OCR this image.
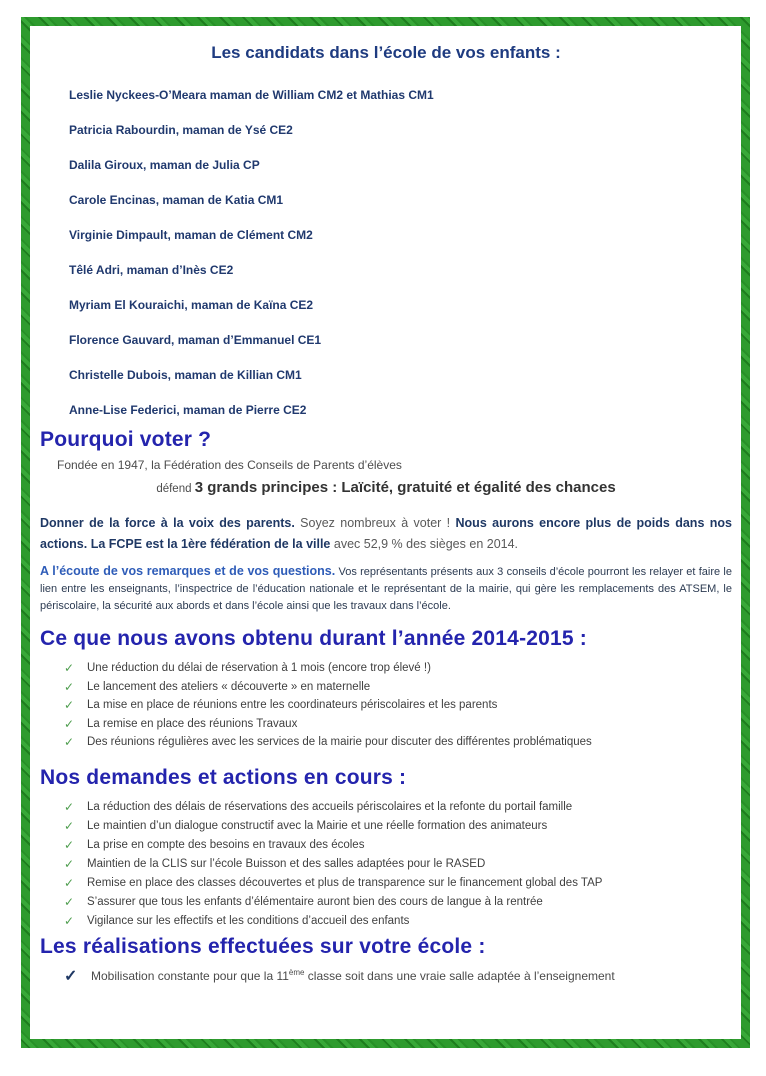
Les candidats dans l’école de vos enfants :
Leslie Nyckees-O’Meara maman de William CM2 et Mathias CM1
Patricia Rabourdin, maman de Ysé CE2
Dalila Giroux, maman de Julia CP
Carole Encinas, maman de Katia CM1
Virginie Dimpault, maman de Clément CM2
Têlé Adri, maman d’Inès CE2
Myriam El Kouraichi, maman de Kaïna CE2
Florence Gauvard, maman d’Emmanuel CE1
Christelle Dubois, maman de Killian CM1
Anne-Lise Federici, maman de Pierre CE2
Pourquoi voter ?
Fondée en 1947, la Fédération des Conseils de Parents d’élèves
défend 3 grands principes : Laïcité, gratuité et égalité des chances
Donner de la force à la voix des parents. Soyez nombreux à voter ! Nous aurons encore plus de poids dans nos actions. La FCPE est la 1ère fédération de la ville avec 52,9 % des sièges en 2014.
A l’écoute de vos remarques et de vos questions. Vos représentants présents aux 3 conseils d’école pourront les relayer et faire le lien entre les enseignants, l’inspectrice de l’éducation nationale et le représentant de la mairie, qui gère les remplacements des ATSEM, le périscolaire, la sécurité aux abords et dans l’école ainsi que les travaux dans l’école.
Ce que nous avons obtenu durant l’année 2014-2015 :
✓	Une réduction du délai de réservation à 1 mois (encore trop élevé !)
✓	Le lancement des ateliers « découverte » en maternelle
✓	La mise en place de réunions entre les coordinateurs périscolaires et les parents
✓	La remise en place des réunions Travaux
✓	Des réunions régulières avec les services de la mairie pour discuter des différentes problématiques
Nos demandes et actions en cours :
✓	La réduction des délais de réservations des accueils périscolaires et la refonte du portail famille
✓	Le maintien d’un dialogue constructif avec la Mairie et une réelle formation des animateurs
✓	La prise en compte des besoins en travaux des écoles
✓	Maintien de la CLIS sur l’école Buisson et des salles adaptées pour le RASED
✓	Remise en place des classes découvertes et plus de transparence sur le financement global des TAP
✓	S’assurer que tous les enfants d’élémentaire auront bien des cours de langue à la rentrée
✓	Vigilance sur les effectifs et les conditions d’accueil des enfants
Les réalisations effectuées sur votre école :
✓	Mobilisation constante pour que la 11ème classe soit dans une vraie salle adaptée à l’enseignement
